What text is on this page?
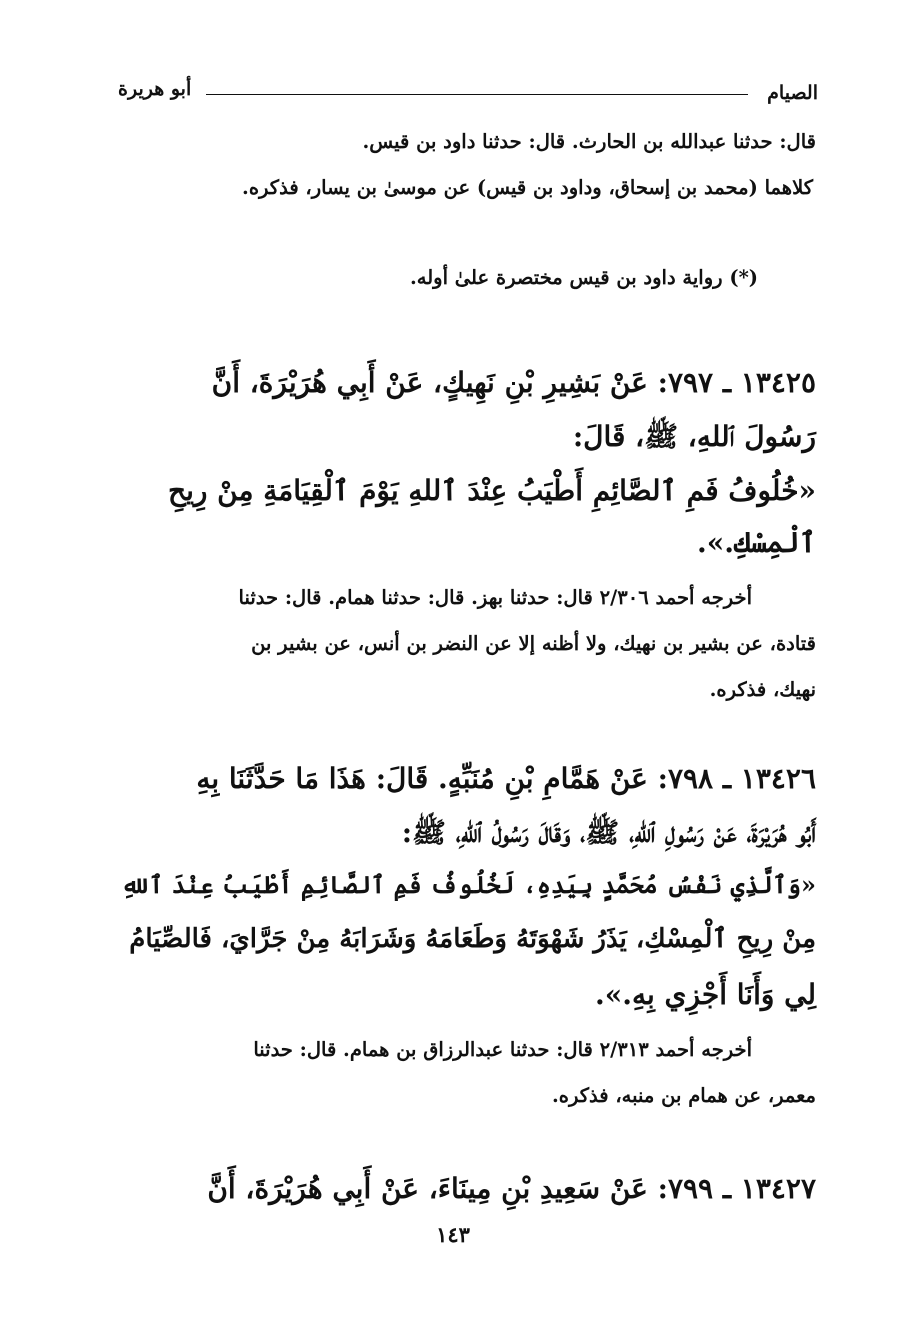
الصيام
أبو هريرة
قال: حدثنا عبدالله بن الحارث. قال: حدثنا داود بن قيس.
كلاهما (محمد بن إسحاق، وداود بن قيس) عن موسىٰ بن يسار، فذكره.
(*) رواية داود بن قيس مختصرة علىٰ أوله.
١٣٤٢٥ ـ ٧٩٧: عَنْ بَشِيرِ بْنِ نَهِيكٍ، عَنْ أَبِي هُرَيْرَةَ، أَنَّ
رَسُولَ ٱللهِ، ﷺ، قَالَ:
«خُلُوفُ فَمِ ٱلصَّائِمِ أَطْيَبُ عِنْدَ ٱللهِ يَوْمَ ٱلْقِيَامَةِ مِنْ رِيحِ
ٱلْمِسْكِ.».
أخرجه أحمد ٢/٣٠٦ قال: حدثنا بهز. قال: حدثنا همام. قال: حدثنا
قتادة، عن بشير بن نهيك، ولا أظنه إلا عن النضر بن أنس، عن بشير بن
نهيك، فذكره.
١٣٤٢٦ ـ ٧٩٨: عَنْ هَمَّامِ بْنِ مُنَبِّهٍ. قَالَ: هَذَا مَا حَدَّثَنَا بِهِ
أَبُو هُرَيْرَةَ، عَنْ رَسُولِ ٱللهِ، ﷺ، وَقَالَ رَسُولُ ٱللهِ، ﷺ:
«وَٱلَّذِي نَفْسُ مُحَمَّدٍ بِيَدِهِ، لَخُلُوفُ فَمِ ٱلصَّائِمِ أَطْيَبُ عِنْدَ ٱللهِ
مِنْ رِيحِ ٱلْمِسْكِ، يَذَرُ شَهْوَتَهُ وَطَعَامَهُ وَشَرَابَهُ مِنْ جَرَّايَ، فَالصِّيَامُ
لِي وَأَنَا أَجْزِي بِهِ.».
أخرجه أحمد ٢/٣١٣ قال: حدثنا عبدالرزاق بن همام. قال: حدثنا
معمر، عن همام بن منبه، فذكره.
١٣٤٢٧ ـ ٧٩٩: عَنْ سَعِيدِ بْنِ مِينَاءَ، عَنْ أَبِي هُرَيْرَةَ، أَنَّ
١٤٣
